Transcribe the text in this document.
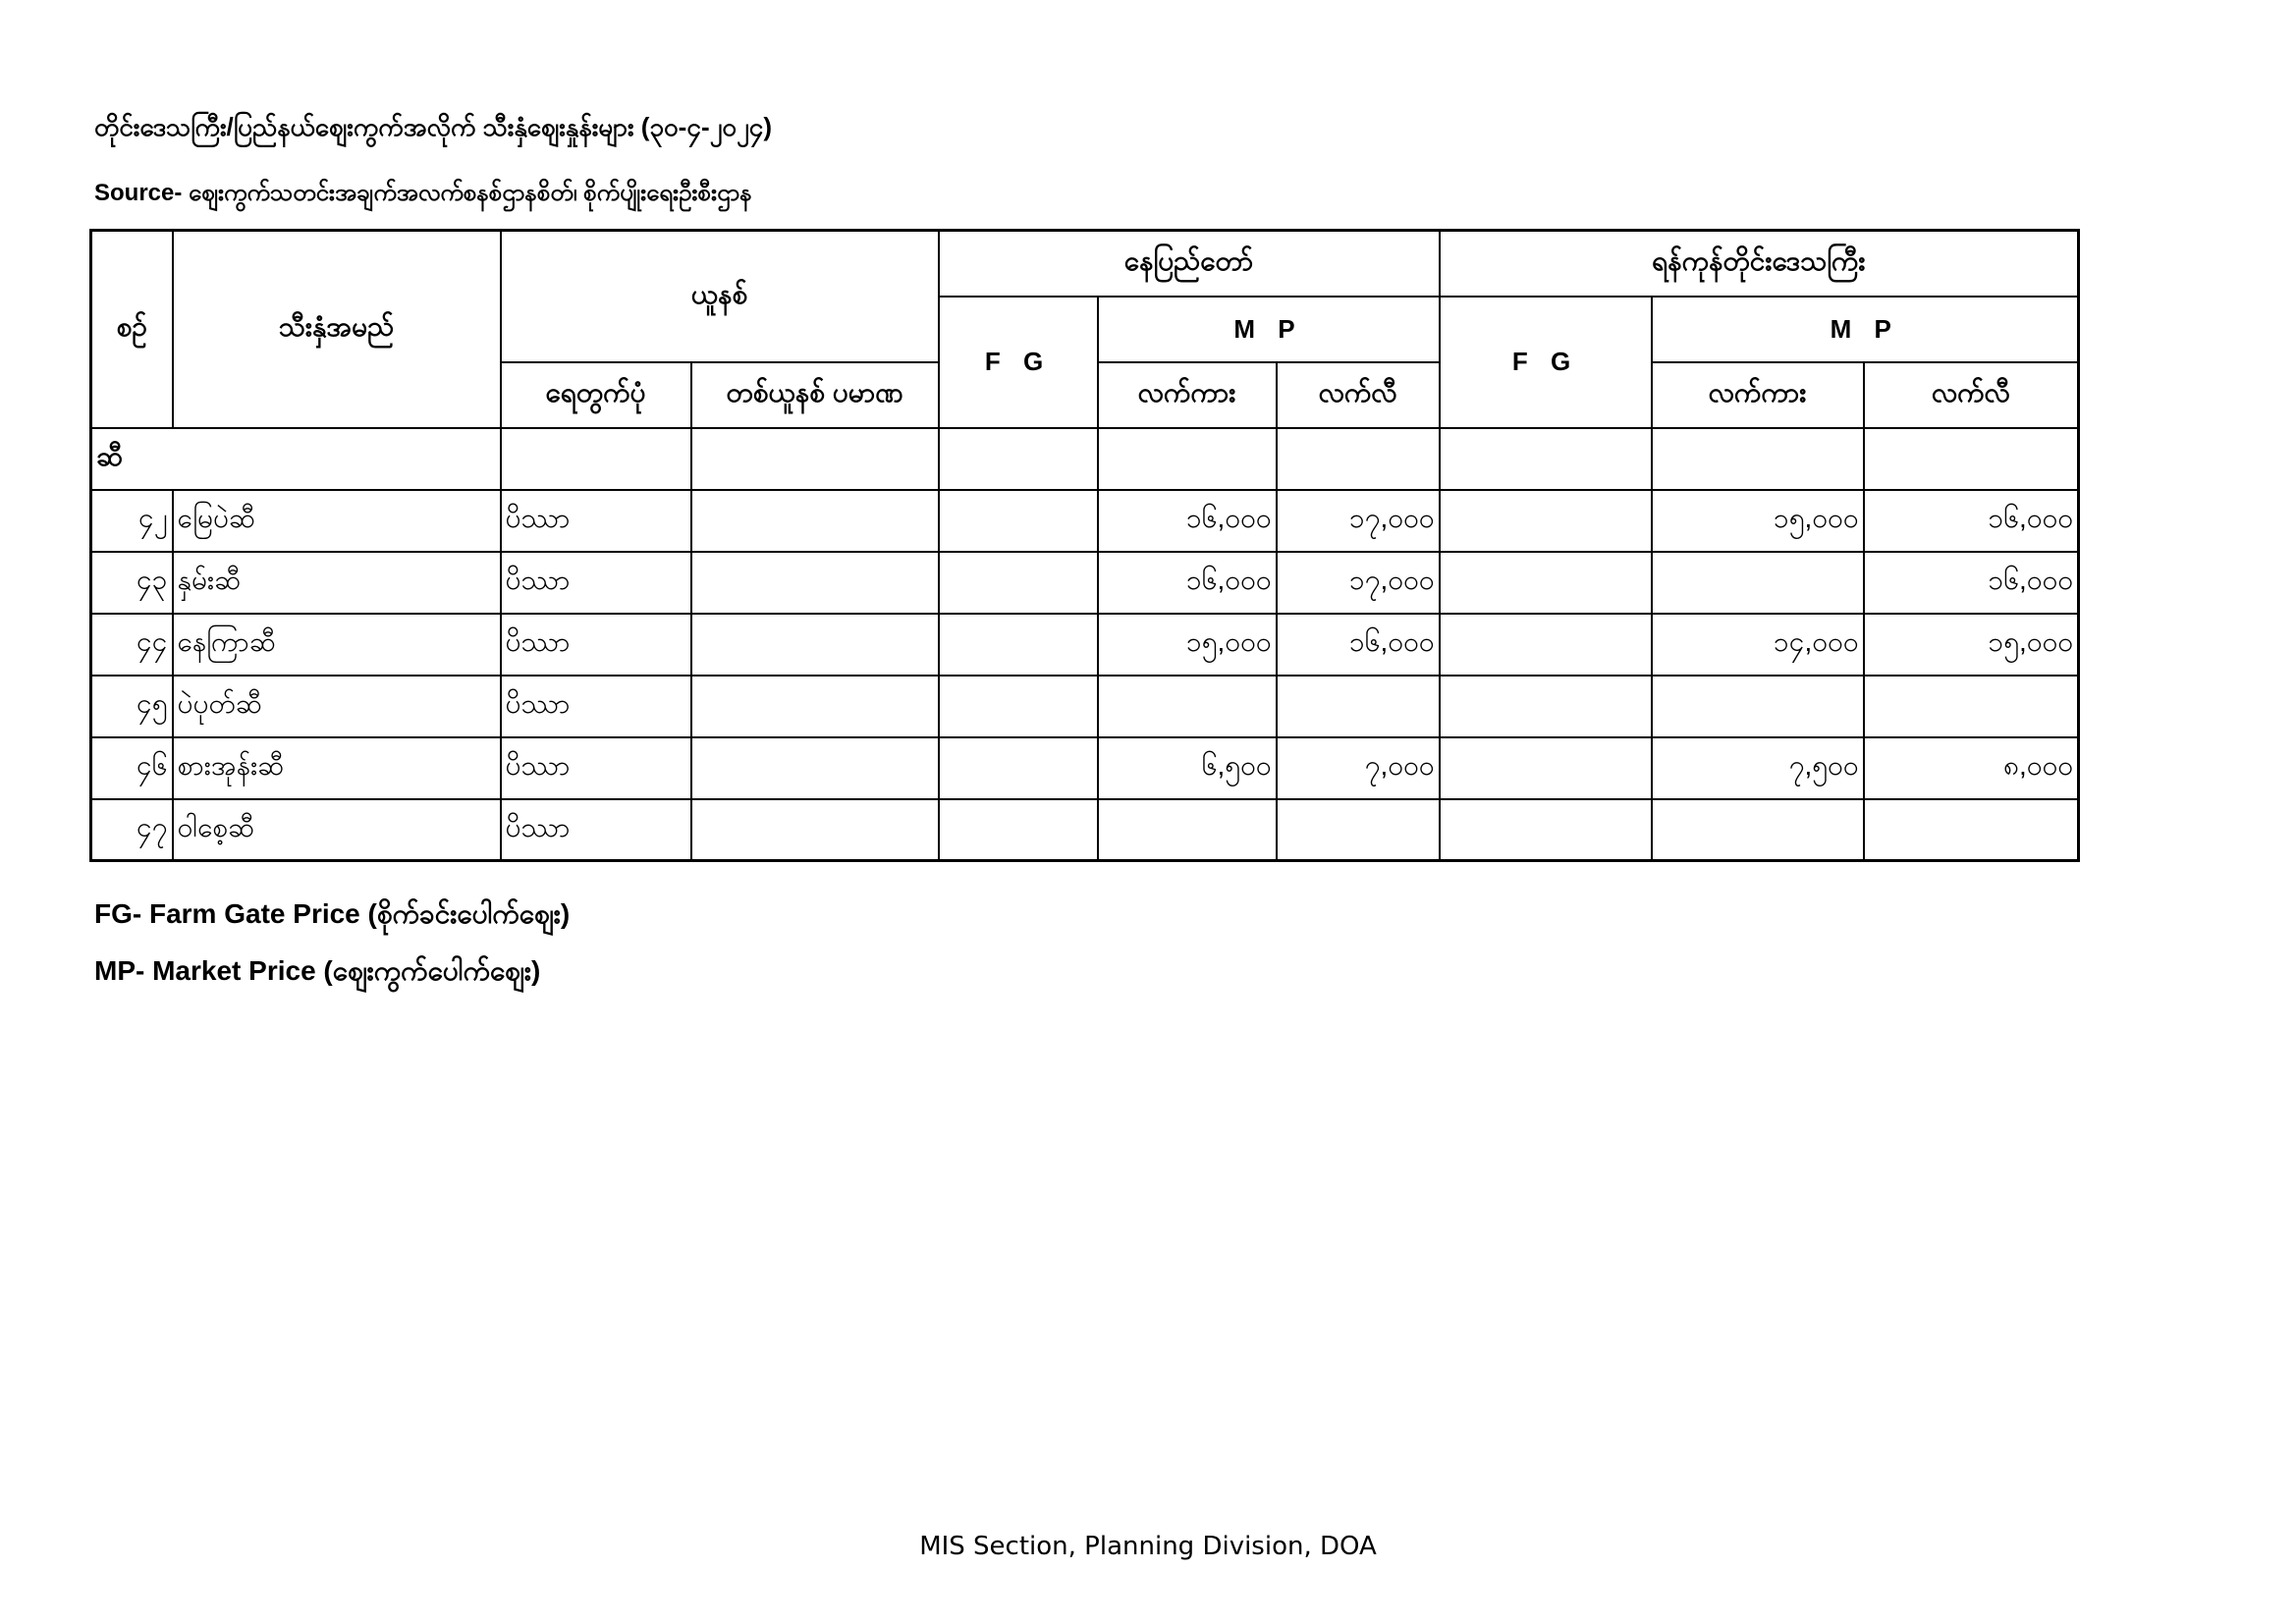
တိုင်းဒေသကြီး/ပြည်နယ်ဈေးကွက်အလိုက် သီးနှံဈေးနှုန်းများ (၃၀-၄-၂၀၂၄)
Source- ဈေးကွက်သတင်းအချက်အလက်စနစ်ဌာနစိတ်၊ စိုက်ပျိုးရေးဦးစီးဌာန
စဉ်	သီးနှံအမည်	ယူနစ်		နေပြည်တော်			ရန်ကုန်တိုင်းဒေသကြီး		
				F G	M P		F G	M P	
		ရေတွက်ပုံ	တစ်ယူနစ် ပမာဏ		လက်ကား	လက်လီ		လက်ကား	လက်လီ
ဆီ									
၄၂	မြေပဲဆီ	ပိဿာ			၁၆,၀၀၀	၁၇,၀၀၀		၁၅,၀၀၀	၁၆,၀၀၀
၄၃	နှမ်းဆီ	ပိဿာ			၁၆,၀၀၀	၁၇,၀၀၀			၁၆,၀၀၀
၄၄	နေကြာဆီ	ပိဿာ			၁၅,၀၀၀	၁၆,၀၀၀		၁၄,၀၀၀	၁၅,၀၀၀
၄၅	ပဲပုတ်ဆီ	ပိဿာ							
၄၆	စားအုန်းဆီ	ပိဿာ			၆,၅၀၀	၇,၀၀၀		၇,၅၀၀	၈,၀၀၀
၄၇	ဝါစေ့ဆီ	ပိဿာ							
FG- Farm Gate Price (စိုက်ခင်းပေါက်ဈေး)
MP- Market Price (ဈေးကွက်ပေါက်ဈေး)
MIS Section, Planning Division, DOA
